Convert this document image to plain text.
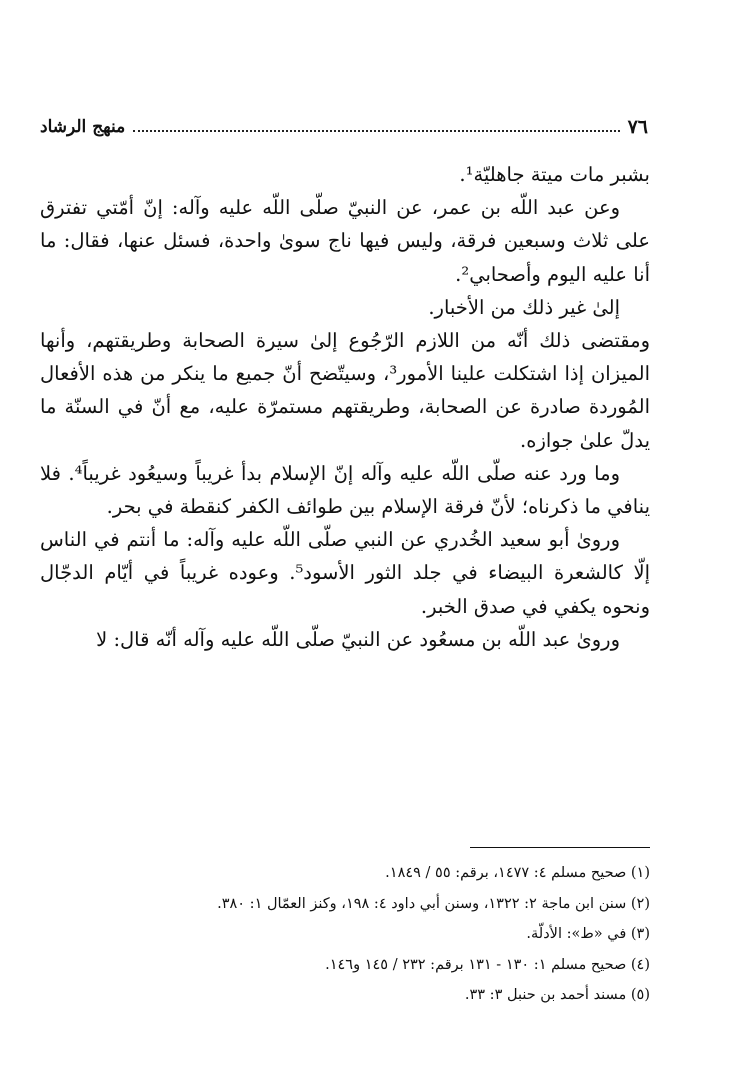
٧٦
منهج الرشاد

بشبر مات ميتة جاهليّة¹.

وعن عبد اللّه بن عمر، عن النبيّ صلّى اللّه عليه وآله: إنّ أمّتي تفترق على ثلاث وسبعين فرقة، وليس فيها ناج سوىٰ واحدة، فسئل عنها، فقال: ما أنا عليه اليوم وأصحابي².

إلىٰ غير ذلك من الأخبار.

ومقتضى ذلك أنّه من اللازم الرّجُوع إلىٰ سيرة الصحابة وطريقتهم، وأنها الميزان إذا اشتكلت علينا الأمور³، وسيتّضح أنّ جميع ما ينكر من هذه الأفعال المُوردة صادرة عن الصحابة، وطريقتهم مستمرّة عليه، مع أنّ في السنّة ما يدلّ علىٰ جوازه.

وما ورد عنه صلّى اللّه عليه وآله إنّ الإسلام بدأ غريباً وسيعُود غريباً⁴. فلا ينافي ما ذكرناه؛ لأنّ فرقة الإسلام بين طوائف الكفر كنقطة في بحر.

وروىٰ أبو سعيد الخُدري عن النبي صلّى اللّه عليه وآله: ما أنتم في الناس إلّا كالشعرة البيضاء في جلد الثور الأسود⁵. وعوده غريباً في أيّام الدجّال ونحوه يكفي في صدق الخبر.

وروىٰ عبد اللّه بن مسعُود عن النبيّ صلّى اللّه عليه وآله أنّه قال: لا

(١) صحيح مسلم ٤: ١٤٧٧، برقم: ٥٥ / ١٨٤٩.

(٢) سنن ابن ماجة ٢: ١٣٢٢، وسنن أبي داود ٤: ١٩٨، وكنز العمّال ١: ٣٨٠.

(٣) في «ط»: الأدلّة.

(٤) صحيح مسلم ١: ١٣٠ - ١٣١ برقم: ٢٣٢ / ١٤٥ و١٤٦.

(٥) مسند أحمد بن حنبل ٣: ٣٣.
